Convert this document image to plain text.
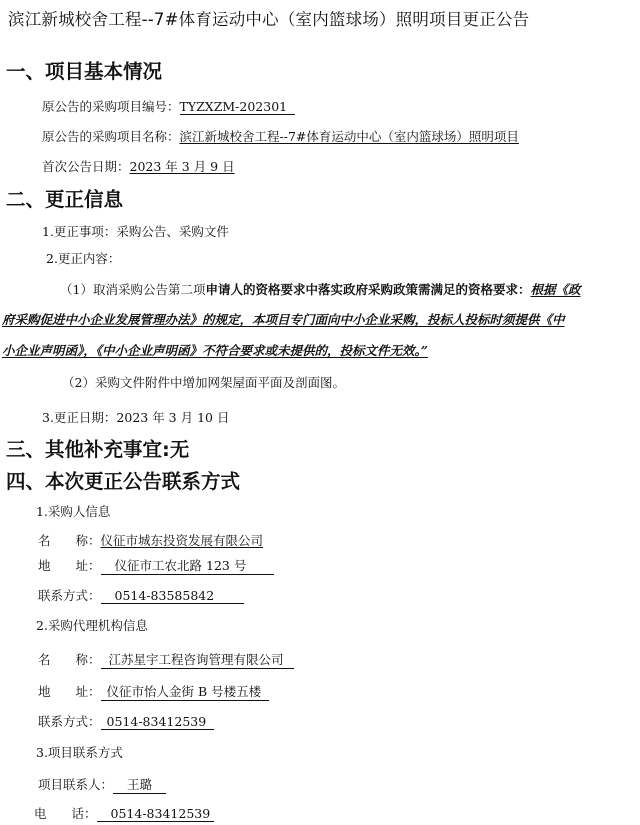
滨江新城校舍工程--7#体育运动中心（室内篮球场）照明项目更正公告
一、项目基本情况
原公告的采购项目编号：TYZXZM-202301
原公告的采购项目名称：滨江新城校舍工程--7#体育运动中心（室内篮球场）照明项目
首次公告日期：2023 年 3 月 9 日
二、更正信息
1.更正事项：采购公告、采购文件
2.更正内容：
（1）取消采购公告第二项申请人的资格要求中落实政府采购政策需满足的资格要求：根据《政
府采购促进中小企业发展管理办法》的规定，本项目专门面向中小企业采购，投标人投标时须提供《中
小企业声明函》，《中小企业声明函》不符合要求或未提供的，投标文件无效。”
（2）采购文件附件中增加网架屋面平面及剖面图。
3.更正日期：2023 年 3 月 10 日
三、其他补充事宜:无
四、本次更正公告联系方式
1.采购人信息
名　　称：仪征市城东投资发展有限公司
地　　址： 仪征市工农北路 123 号
联系方式： 0514-83585842
2.采购代理机构信息
名　　称： 江苏星宇工程咨询管理有限公司
地　　址： 仪征市怡人金街 B 号楼五楼
联系方式： 0514-83412539
3.项目联系方式
项目联系人： 王璐
电　　话： 0514-83412539
